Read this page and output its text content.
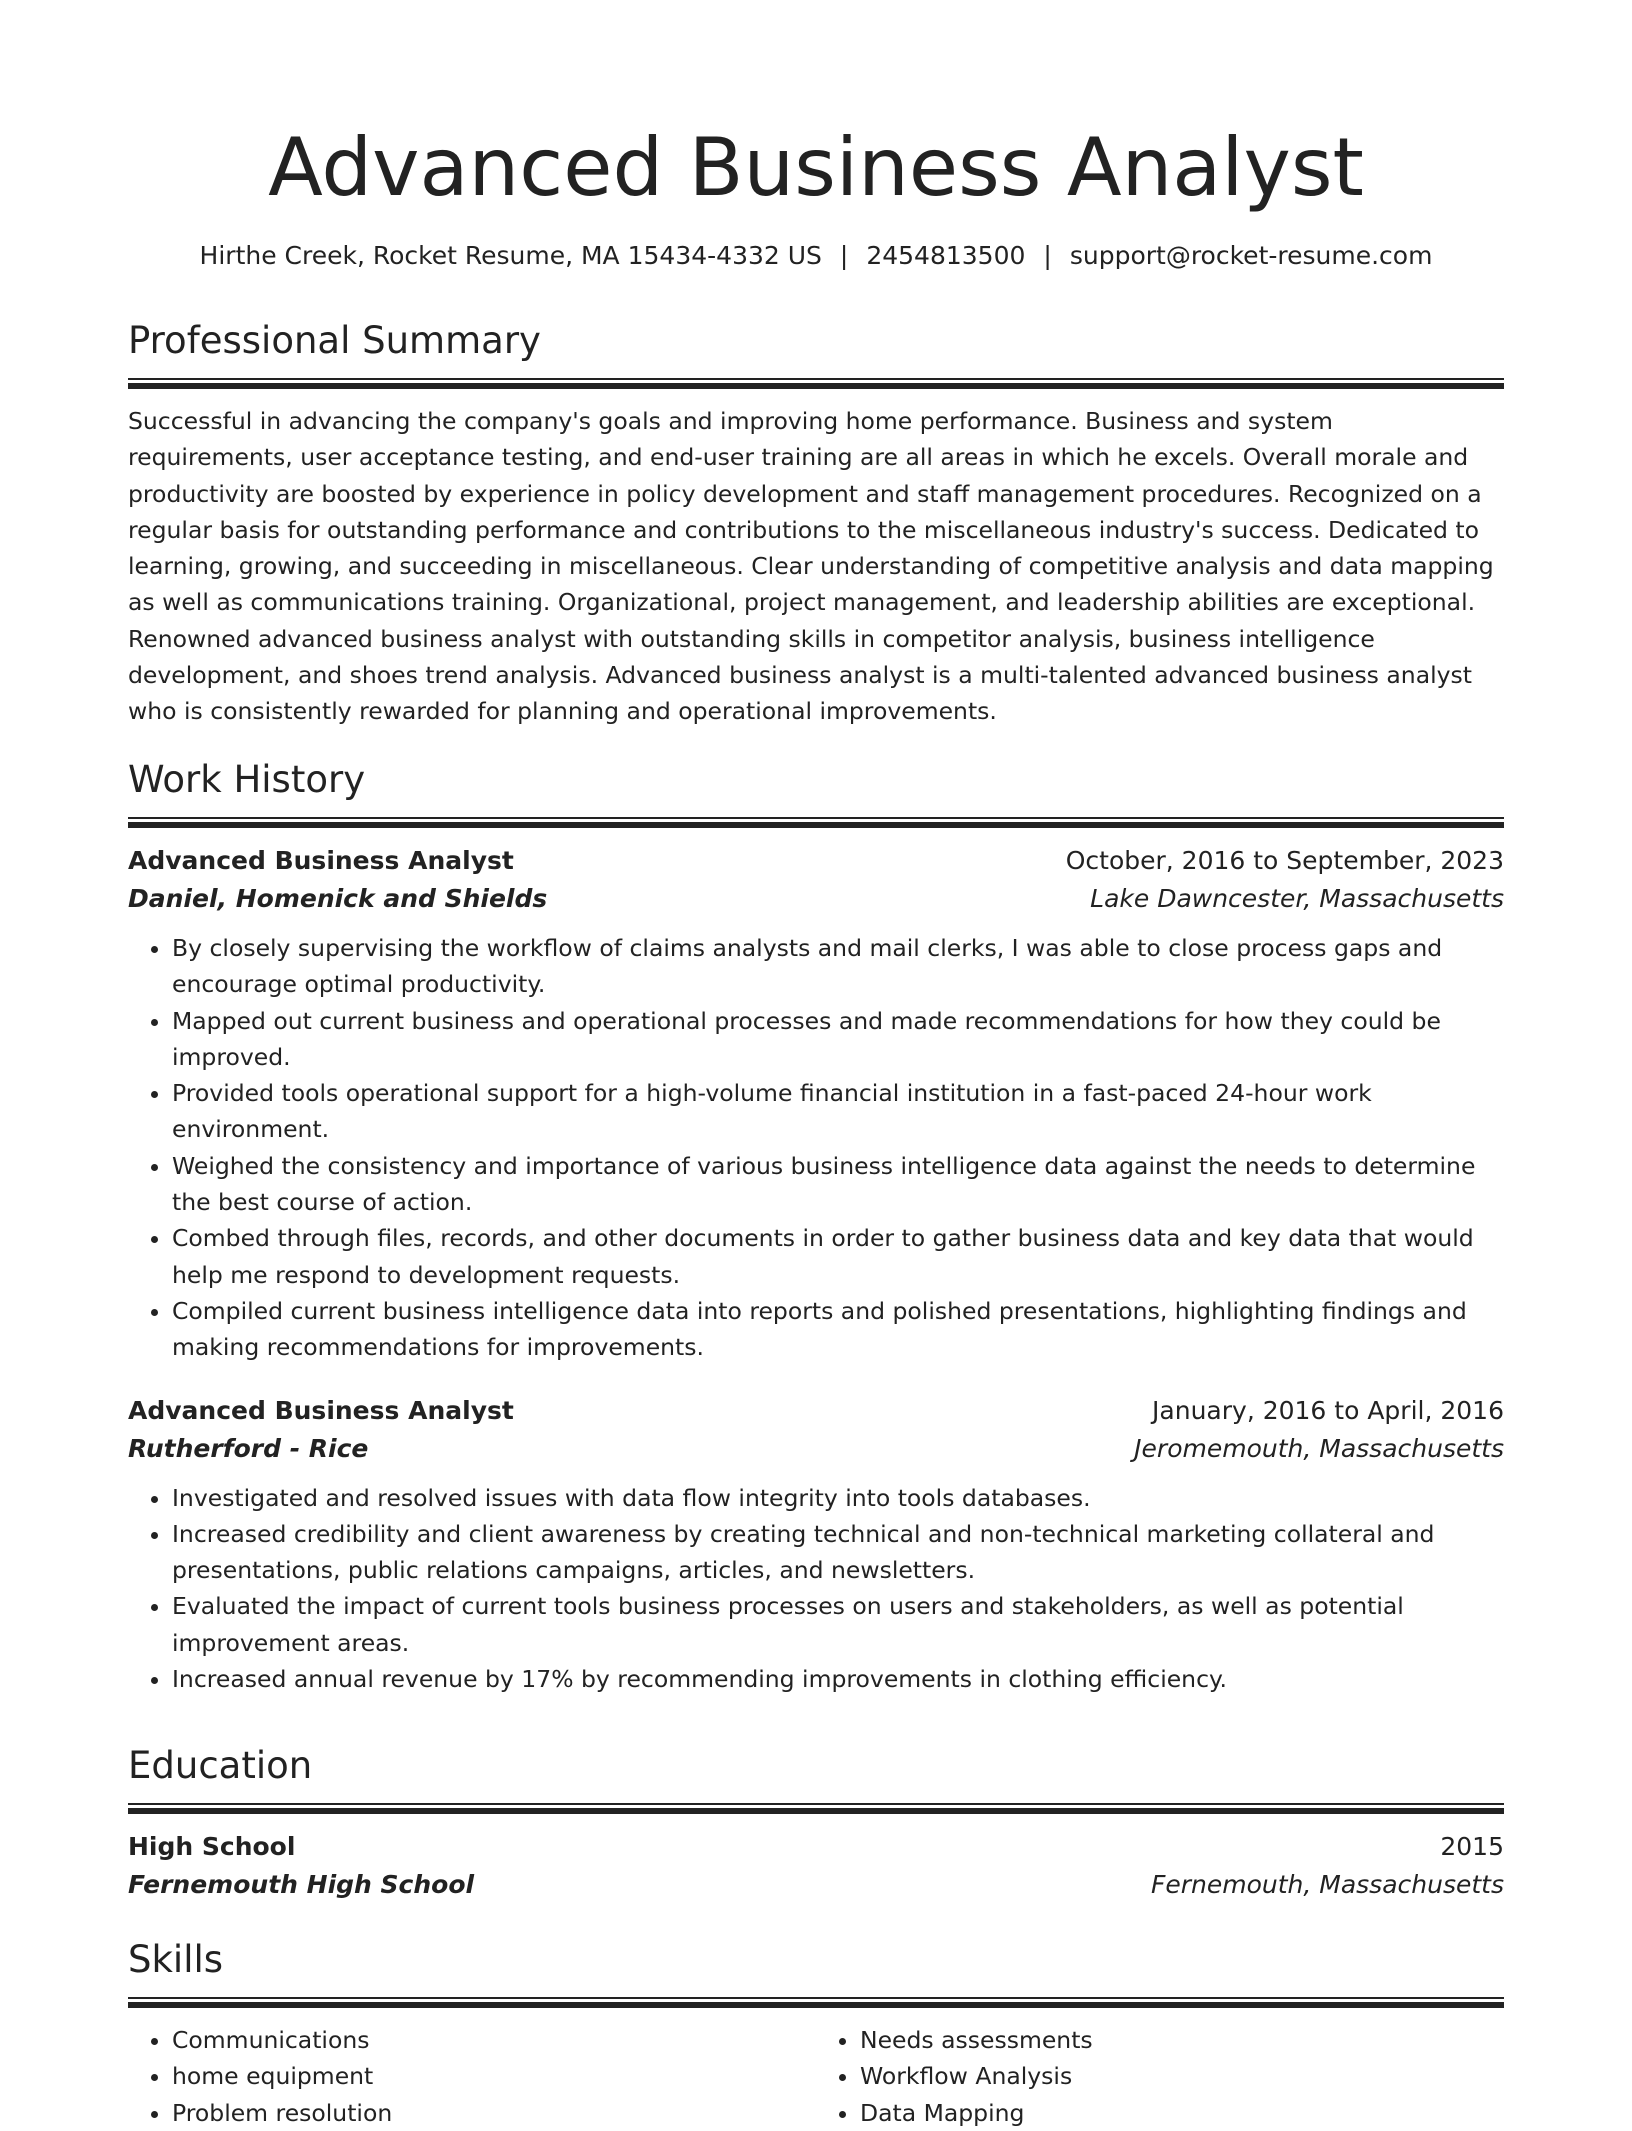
Advanced Business Analyst
Hirthe Creek, Rocket Resume, MA 15434-4332 US | 2454813500 | support@rocket-resume.com
Professional Summary

Successful in advancing the company's goals and improving home performance. Business and system requirements, user acceptance testing, and end-user training are all areas in which he excels. Overall morale and productivity are boosted by experience in policy development and staff management procedures. Recognized on a regular basis for outstanding performance and contributions to the miscellaneous industry's success. Dedicated to learning, growing, and succeeding in miscellaneous. Clear understanding of competitive analysis and data mapping as well as communications training. Organizational, project management, and leadership abilities are exceptional. Renowned advanced business analyst with outstanding skills in competitor analysis, business intelligence development, and shoes trend analysis. Advanced business analyst is a multi-talented advanced business analyst who is consistently rewarded for planning and operational improvements.

Work History
Advanced Business Analyst	October, 2016 to September, 2023
Daniel, Homenick and Shields	Lake Dawncester, Massachusetts
• By closely supervising the workflow of claims analysts and mail clerks, I was able to close process gaps and encourage optimal productivity.
• Mapped out current business and operational processes and made recommendations for how they could be improved.
• Provided tools operational support for a high-volume financial institution in a fast-paced 24-hour work environment.
• Weighed the consistency and importance of various business intelligence data against the needs to determine the best course of action.
• Combed through files, records, and other documents in order to gather business data and key data that would help me respond to development requests.
• Compiled current business intelligence data into reports and polished presentations, highlighting findings and making recommendations for improvements.
Advanced Business Analyst	January, 2016 to April, 2016
Rutherford - Rice	Jeromemouth, Massachusetts
• Investigated and resolved issues with data flow integrity into tools databases.
• Increased credibility and client awareness by creating technical and non-technical marketing collateral and presentations, public relations campaigns, articles, and newsletters.
• Evaluated the impact of current tools business processes on users and stakeholders, as well as potential improvement areas.
• Increased annual revenue by 17% by recommending improvements in clothing efficiency.
Education
High School	2015
Fernemouth High School	Fernemouth, Massachusetts
Skills
• Communications
• home equipment
• Problem resolution
• Needs assessments
• Workflow Analysis
• Data Mapping
